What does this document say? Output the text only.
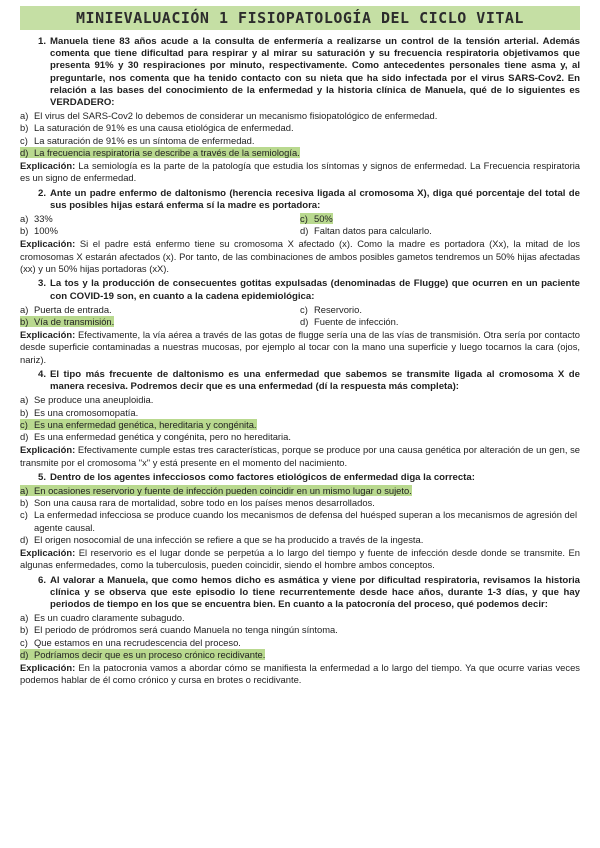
MINIEVALUACIÓN 1 FISIOPATOLOGÍA DEL CICLO VITAL
1. Manuela tiene 83 años acude a la consulta de enfermería a realizarse un control de la tensión arterial. Además comenta que tiene dificultad para respirar y al mirar su saturación y su frecuencia respiratoria objetivamos que presenta 91% y 30 respiraciones por minuto, respectivamente. Como antecedentes personales tiene asma y, al preguntarle, nos comenta que ha tenido contacto con su nieta que ha sido infectada por el virus SARS-Cov2. En relación a las bases del conocimiento de la enfermedad y la historia clínica de Manuela, qué de lo siguientes es VERDADERO:
a) El virus del SARS-Cov2 lo debemos de considerar un mecanismo fisiopatológico de enfermedad.
b) La saturación de 91% es una causa etiológica de enfermedad.
c) La saturación de 91% es un síntoma de enfermedad.
d) La frecuencia respiratoria se describe a través de la semiología.
Explicación: La semiología es la parte de la patología que estudia los síntomas y signos de enfermedad. La Frecuencia respiratoria es un signo de enfermedad.
2. Ante un padre enfermo de daltonismo (herencia recesiva ligada al cromosoma X), diga qué porcentaje del total de sus posibles hijas estará enferma sí la madre es portadora:
a) 33%	c) 50%
b) 100%	d) Faltan datos para calcularlo.
Explicación: Si el padre está enfermo tiene su cromosoma X afectado (x). Como la madre es portadora (Xx), la mitad de los cromosomas X estarán afectados (x). Por tanto, de las combinaciones de ambos posibles gametos tendremos un 50% hijas afectadas (xx) y un 50% hijas portadoras (xX).
3. La tos y la producción de consecuentes gotitas expulsadas (denominadas de Flugge) que ocurren en un paciente con COVID-19 son, en cuanto a la cadena epidemiológica:
a) Puerta de entrada.	c) Reservorio.
b) Vía de transmisión.	d) Fuente de infección.
Explicación: Efectivamente, la vía aérea a través de las gotas de flugge sería una de las vías de transmisión. Otra sería por contacto desde superficie contaminadas a nuestras mucosas, por ejemplo al tocar con la mano una superficie y luego tocarnos la cara (ojos, nariz).
4. El tipo más frecuente de daltonismo es una enfermedad que sabemos se transmite ligada al cromosoma X de manera recesiva. Podremos decir que es una enfermedad (dí la respuesta más completa):
a) Se produce una aneuploidia.
b) Es una cromosomopatía.
c) Es una enfermedad genética, hereditaria y congénita.
d) Es una enfermedad genética y congénita, pero no hereditaria.
Explicación: Efectivamente cumple estas tres características, porque se produce por una causa genética por alteración de un gen, se transmite por el cromosoma "x" y está presente en el momento del nacimiento.
5. Dentro de los agentes infecciosos como factores etiológicos de enfermedad diga la correcta:
a) En ocasiones reservorio y fuente de infección pueden coincidir en un mismo lugar o sujeto.
b) Son una causa rara de mortalidad, sobre todo en los países menos desarrollados.
c) La enfermedad infecciosa se produce cuando los mecanismos de defensa del huésped superan a los mecanismos de agresión del agente causal.
d) El origen nosocomial de una infección se refiere a que se ha producido a través de la ingesta.
Explicación: El reservorio es el lugar donde se perpetúa a lo largo del tiempo y fuente de infección desde donde se transmite. En algunas enfermedades, como la tuberculosis, pueden coincidir, siendo el hombre ambos conceptos.
6. Al valorar a Manuela, que como hemos dicho es asmática y viene por dificultad respiratoria, revisamos la historia clínica y se observa que este episodio lo tiene recurrentemente desde hace años, durante 1-3 días, y que hay periodos de tiempo en los que se encuentra bien. En cuanto a la patocronía del proceso, qué podemos decir:
a) Es un cuadro claramente subagudo.
b) El periodo de pródromos será cuando Manuela no tenga ningún síntoma.
c) Que estamos en una recrudescencia del proceso.
d) Podríamos decir que es un proceso crónico recidivante.
Explicación: En la patocronia vamos a abordar cómo se manifiesta la enfermedad a lo largo del tiempo. Ya que ocurre varias veces podemos hablar de él como crónico y cursa en brotes o recidivante.
